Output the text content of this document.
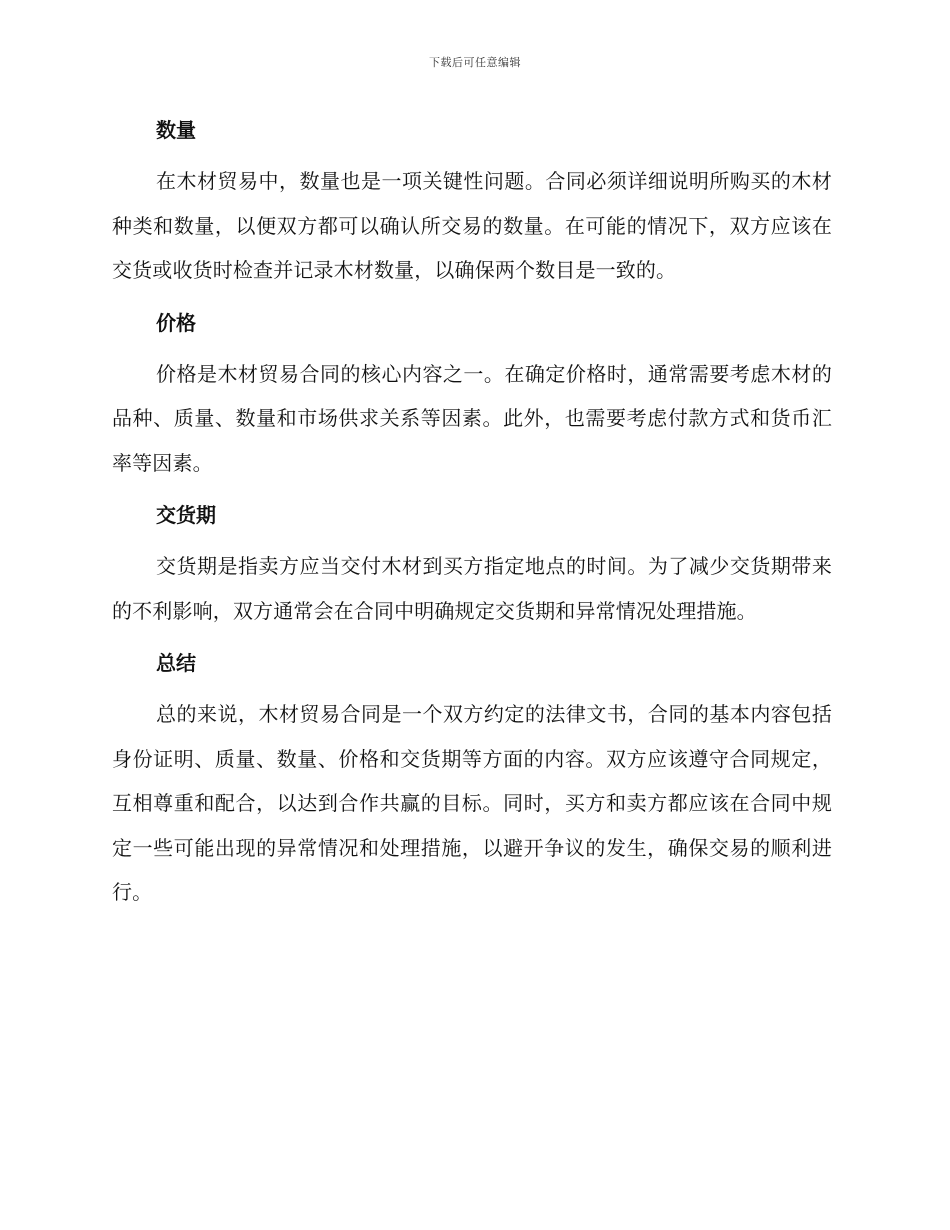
下载后可任意编辑
数量

在木材贸易中，数量也是一项关键性问题。合同必须详细说明所购买的木材种类和数量，以便双方都可以确认所交易的数量。在可能的情况下，双方应该在交货或收货时检查并记录木材数量，以确保两个数目是一致的。

价格

价格是木材贸易合同的核心内容之一。在确定价格时，通常需要考虑木材的品种、质量、数量和市场供求关系等因素。此外，也需要考虑付款方式和货币汇率等因素。

交货期

交货期是指卖方应当交付木材到买方指定地点的时间。为了减少交货期带来的不利影响，双方通常会在合同中明确规定交货期和异常情况处理措施。

总结

总的来说，木材贸易合同是一个双方约定的法律文书，合同的基本内容包括身份证明、质量、数量、价格和交货期等方面的内容。双方应该遵守合同规定，互相尊重和配合，以达到合作共赢的目标。同时，买方和卖方都应该在合同中规定一些可能出现的异常情况和处理措施，以避开争议的发生，确保交易的顺利进行。
